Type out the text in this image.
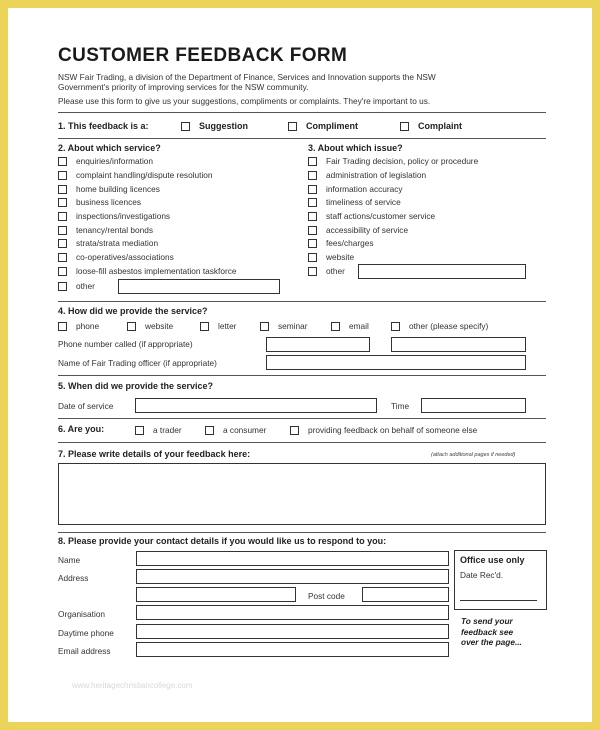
CUSTOMER FEEDBACK FORM
NSW Fair Trading, a division of the Department of Finance, Services and Innovation supports the NSW
Government's priority of improving services for the NSW community.
Please use this form to give us your suggestions, compliments or complaints. They're important to us.
1. This feedback is a:	Suggestion	Compliment	Complaint
2. About which service?	3. About which issue?
enquiries/information
complaint handling/dispute resolution
home building licences
business licences
inspections/investigations
tenancy/rental bonds
strata/strata mediation
co-operatives/associations
loose-fill asbestos implementation taskforce
other
Fair Trading decision, policy or procedure
administration of legislation
information accuracy
timeliness of service
staff actions/customer service
accessibility of service
fees/charges
website
other
4. How did we provide the service?
phone	website	letter	seminar	email	other (please specify)
Phone number called (if appropriate)
Name of Fair Trading officer (if appropriate)
5. When did we provide the service?
Date of service	Time
6. Are you:	a trader	a consumer	providing feedback on behalf of someone else
7. Please write details of your feedback here:	(attach additional pages if needed)
8. Please provide your contact details if you would like us to respond to you:
Name
Address
Post code
Organisation
Daytime phone
Email address
Office use only
Date Rec'd.
To send your
feedback see
over the page...
www.heritagechristiancollege.com
